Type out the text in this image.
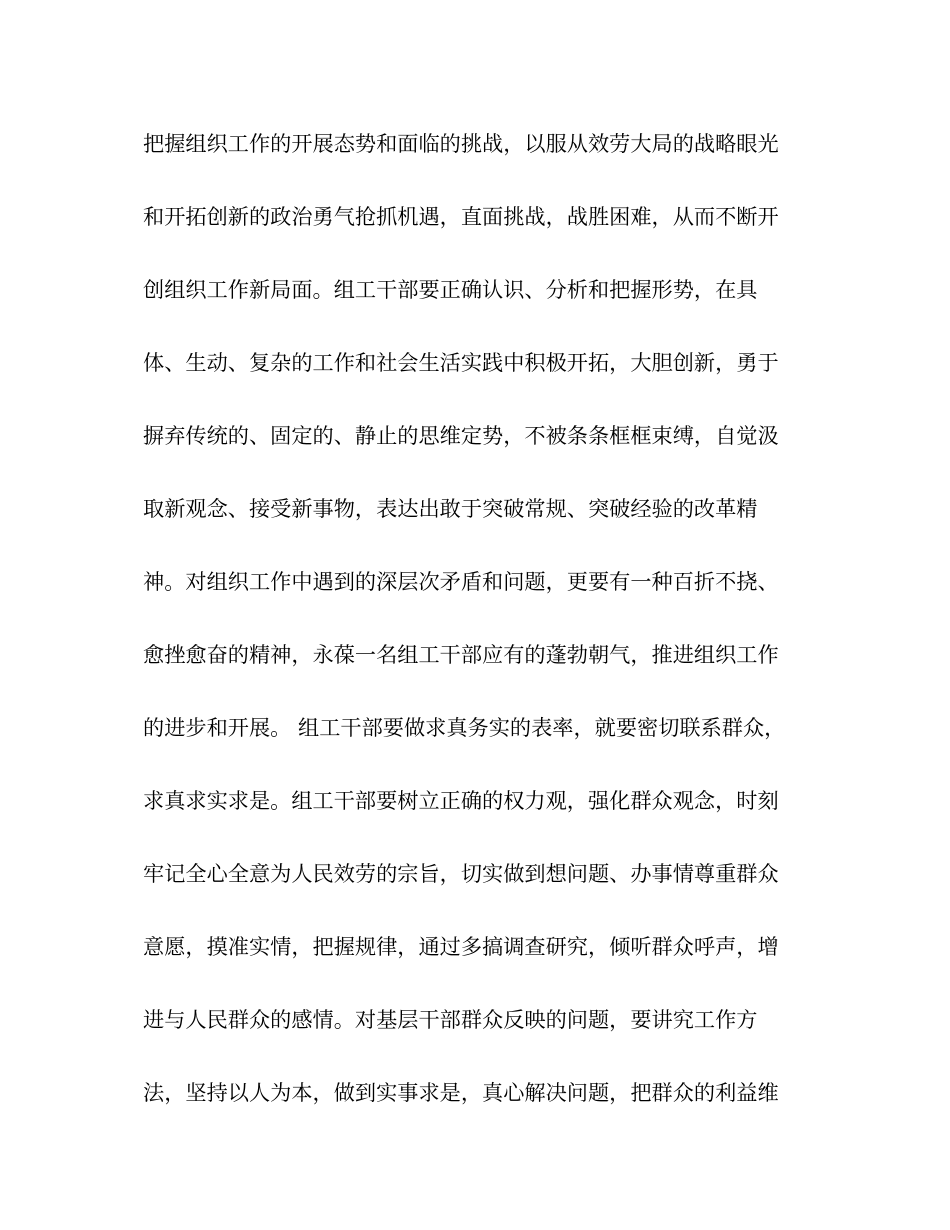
把握组织工作的开展态势和面临的挑战，以服从效劳大局的战略眼光
和开拓创新的政治勇气抢抓机遇，直面挑战，战胜困难，从而不断开
创组织工作新局面。组工干部要正确认识、分析和把握形势，在具
体、生动、复杂的工作和社会生活实践中积极开拓，大胆创新，勇于
摒弃传统的、固定的、静止的思维定势，不被条条框框束缚，自觉汲
取新观念、接受新事物，表达出敢于突破常规、突破经验的改革精
神。对组织工作中遇到的深层次矛盾和问题，更要有一种百折不挠、
愈挫愈奋的精神，永葆一名组工干部应有的蓬勃朝气，推进组织工作
的进步和开展。 组工干部要做求真务实的表率，就要密切联系群众，
求真求实求是。组工干部要树立正确的权力观，强化群众观念，时刻
牢记全心全意为人民效劳的宗旨，切实做到想问题、办事情尊重群众
意愿，摸准实情，把握规律，通过多搞调查研究，倾听群众呼声，增
进与人民群众的感情。对基层干部群众反映的问题，要讲究工作方
法，坚持以人为本，做到实事求是，真心解决问题，把群众的利益维
